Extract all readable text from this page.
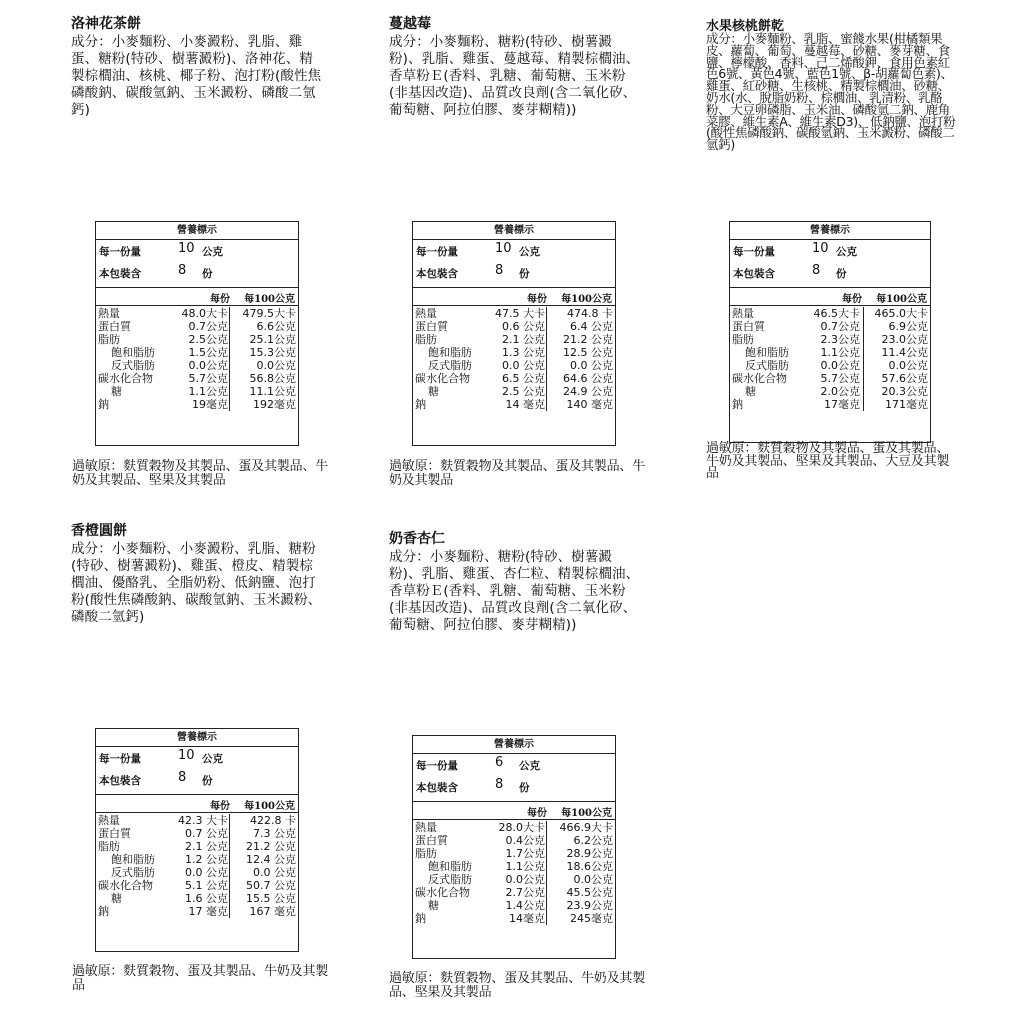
洛神花茶餅

成分：小麥麵粉、小麥澱粉、乳脂、雞蛋、糖粉(特砂、樹薯澱粉)、洛神花、精製棕櫚油、核桃、椰子粉、泡打粉(酸性焦磷酸鈉、碳酸氫鈉、玉米澱粉、磷酸二氫鈣)

營養標示
每一份量	10 公克
本包裝含	8 份
每份 每100公克
熱量	48.0大卡 479.5大卡
蛋白質	0.7公克	6.6公克
脂肪	2.5公克 25.1公克
飽和脂肪	1.5公克 15.3公克
反式脂肪	0.0公克	0.0公克
碳水化合物	5.7公克 56.8公克
糖	1.1公克 11.1公克
鈉	19毫克 192毫克
過敏原：麩質穀物及其製品、蛋及其製品、牛奶及其製品、堅果及其製品
蔓越莓

成分：小麥麵粉、糖粉(特砂、樹薯澱粉)、乳脂、雞蛋、蔓越莓、精製棕櫚油、香草粉Ｅ(香料、乳糖、葡萄糖、玉米粉(非基因改造)、品質改良劑(含二氧化矽、葡萄糖、阿拉伯膠、麥芽糊精))

營養標示
每一份量	10 公克
本包裝含	8 份
每份 每100公克
熱量	47.5 大卡 474.8 卡
蛋白質	0.6 公克 6.4 公克
脂肪	2.1 公克 21.2 公克
飽和脂肪	1.3 公克 12.5 公克
反式脂肪	0.0 公克 0.0 公克
碳水化合物	6.5 公克 64.6 公克
糖	2.5 公克 24.9 公克
鈉	14 毫克 140 毫克
過敏原：麩質穀物及其製品、蛋及其製品、牛奶及其製品
水果核桃餅乾

成分：小麥麵粉、乳脂、蜜餞水果(柑橘類果皮、蘿蔔、葡萄、蔓越莓、砂糖、麥芽糖、食鹽、檸檬酸、香料、己二烯酸鉀、食用色素紅色6號、黃色4號、藍色1號、β-胡蘿蔔色素)、雞蛋、紅砂糖、生核桃、精製棕櫚油、砂糖、奶水(水、脫脂奶粉、棕櫚油、乳清粉、乳酪粉、大豆卵磷脂、玉米油、磷酸氫二鈉、鹿角菜膠、維生素A、維生素D3)、低鈉鹽、泡打粉(酸性焦磷酸鈉、碳酸氫鈉、玉米澱粉、磷酸二氫鈣)

營養標示
每一份量	10 公克
本包裝含	8 份
每份 每100公克
熱量	46.5大卡 465.0大卡
蛋白質	0.7公克	6.9公克
脂肪	2.3公克 23.0公克
飽和脂肪	1.1公克 11.4公克
反式脂肪	0.0公克	0.0公克
碳水化合物	5.7公克 57.6公克
糖	2.0公克 20.3公克
鈉	17毫克 171毫克
過敏原：麩質穀物及其製品、蛋及其製品、牛奶及其製品、堅果及其製品、大豆及其製品
香橙圓餅

成分：小麥麵粉、小麥澱粉、乳脂、糖粉(特砂、樹薯澱粉)、雞蛋、橙皮、精製棕櫚油、優酪乳、全脂奶粉、低鈉鹽、泡打粉(酸性焦磷酸鈉、碳酸氫鈉、玉米澱粉、磷酸二氫鈣)

營養標示
每一份量	10 公克
本包裝含	8 份
每份 每100公克
熱量	42.3 大卡 422.8 卡
蛋白質	0.7 公克 7.3 公克
脂肪	2.1 公克 21.2 公克
飽和脂肪	1.2 公克 12.4 公克
反式脂肪	0.0 公克 0.0 公克
碳水化合物	5.1 公克 50.7 公克
糖	1.6 公克 15.5 公克
鈉	17 毫克 167 毫克
過敏原：麩質穀物、蛋及其製品、牛奶及其製品
奶香杏仁

成分：小麥麵粉、糖粉(特砂、樹薯澱粉)、乳脂、雞蛋、杏仁粒、精製棕櫚油、香草粉Ｅ(香料、乳糖、葡萄糖、玉米粉(非基因改造)、品質改良劑(含二氧化矽、葡萄糖、阿拉伯膠、麥芽糊精))

營養標示
每一份量	6 公克
本包裝含	8 份
每份 每100公克
熱量	28.0大卡 466.9大卡
蛋白質	0.4公克	6.2公克
脂肪	1.7公克 28.9公克
飽和脂肪	1.1公克 18.6公克
反式脂肪	0.0公克	0.0公克
碳水化合物	2.7公克 45.5公克
糖	1.4公克 23.9公克
鈉	14毫克 245毫克
過敏原：麩質穀物、蛋及其製品、牛奶及其製品、堅果及其製品
